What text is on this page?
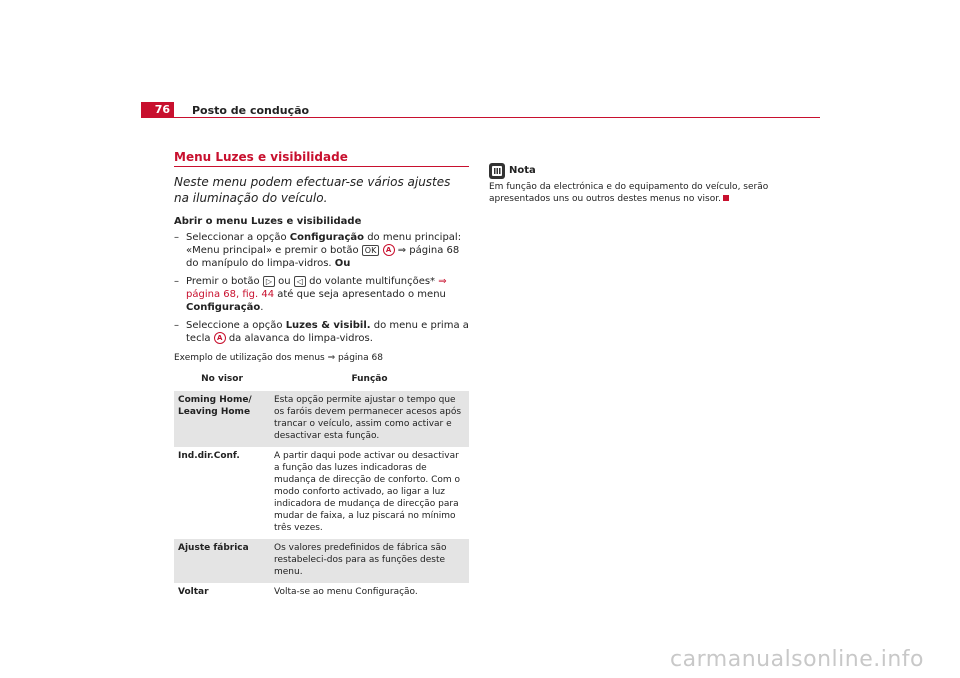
76	Posto de condução
Menu Luzes e visibilidade
Neste menu podem efectuar-se vários ajustes na iluminação do veículo.
Abrir o menu Luzes e visibilidade
– Seleccionar a opção Configuração do menu principal: «Menu principal» e premir o botão OK A ⇒ página 68 do manípulo do limpa-vidros. Ou
– Premir o botão ▷ ou ◁ do volante multifunções* ⇒ página 68, fig. 44 até que seja apresentado o menu Configuração.
– Seleccione a opção Luzes & visibil. do menu e prima a tecla A da alavanca do limpa-vidros.
Exemplo de utilização dos menus ⇒ página 68
No visor	Função
Coming Home/ Leaving Home	Esta opção permite ajustar o tempo que os faróis devem permanecer acesos após trancar o veículo, assim como activar e desactivar esta função.
Ind.dir.Conf.	A partir daqui pode activar ou desactivar a função das luzes indicadoras de mudança de direcção de conforto. Com o modo conforto activado, ao ligar a luz indicadora de mudança de direcção para mudar de faixa, a luz piscará no mínimo três vezes.
Ajuste fábrica	Os valores predefinidos de fábrica são restabeleci-dos para as funções deste menu.
Voltar	Volta-se ao menu Configuração.
Nota
Em função da electrónica e do equipamento do veículo, serão apresentados uns ou outros destes menus no visor.
carmanualsonline.info
